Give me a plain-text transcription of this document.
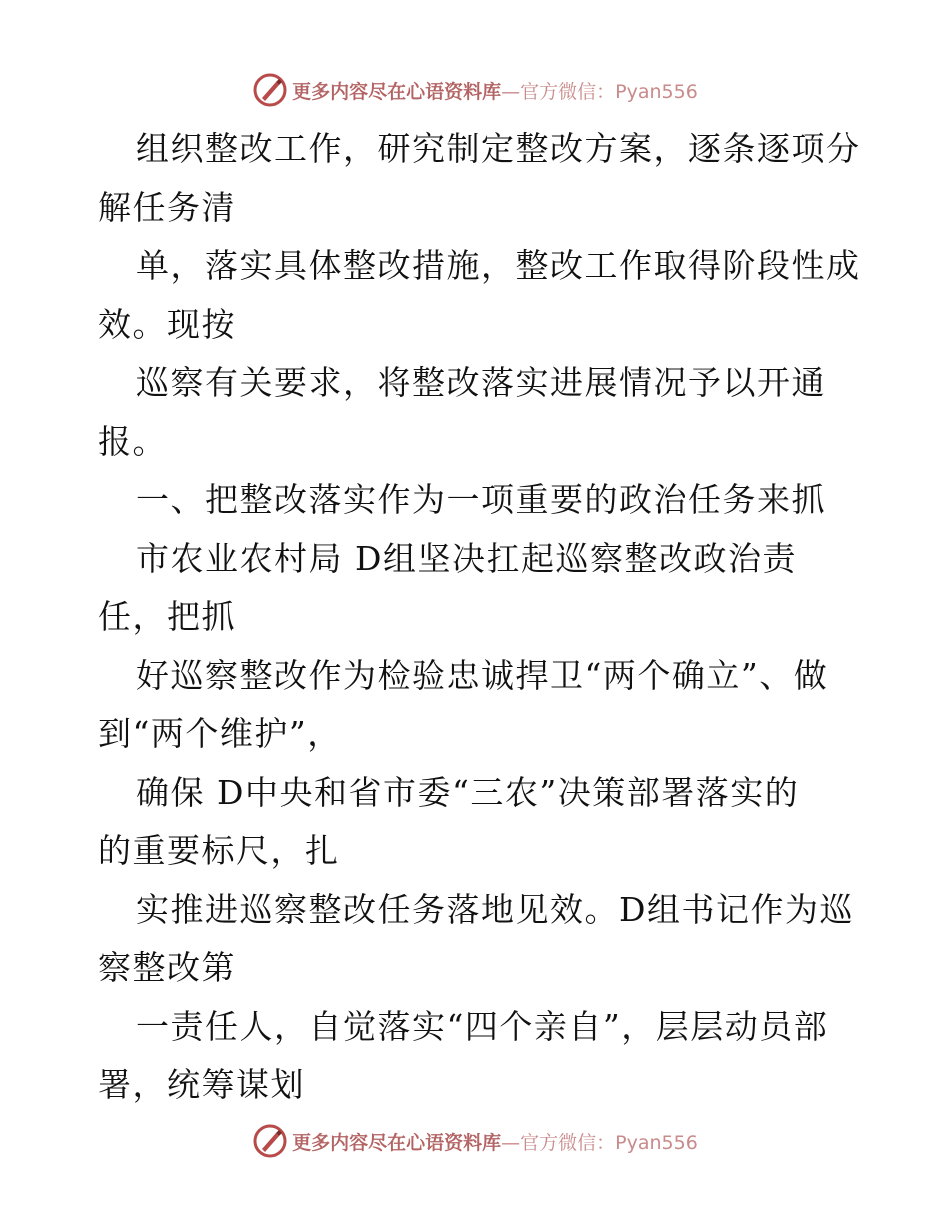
更多内容尽在心语资料库—官方微信：Pyan556
组织整改工作，研究制定整改方案，逐条逐项分
解任务清
单，落实具体整改措施，整改工作取得阶段性成
效。现按
巡察有关要求，将整改落实进展情况予以开通
报。
一、把整改落实作为一项重要的政治任务来抓
市农业农村局 D组坚决扛起巡察整改政治责
任，把抓
好巡察整改作为检验忠诚捍卫“两个确立”、做
到“两个维护”，
确保 D中央和省市委“三农”决策部署落实的
的重要标尺，扎
实推进巡察整改任务落地见效。D组书记作为巡
察整改第
一责任人，自觉落实“四个亲自”，层层动员部
署，统筹谋划
更多内容尽在心语资料库—官方微信：Pyan556
